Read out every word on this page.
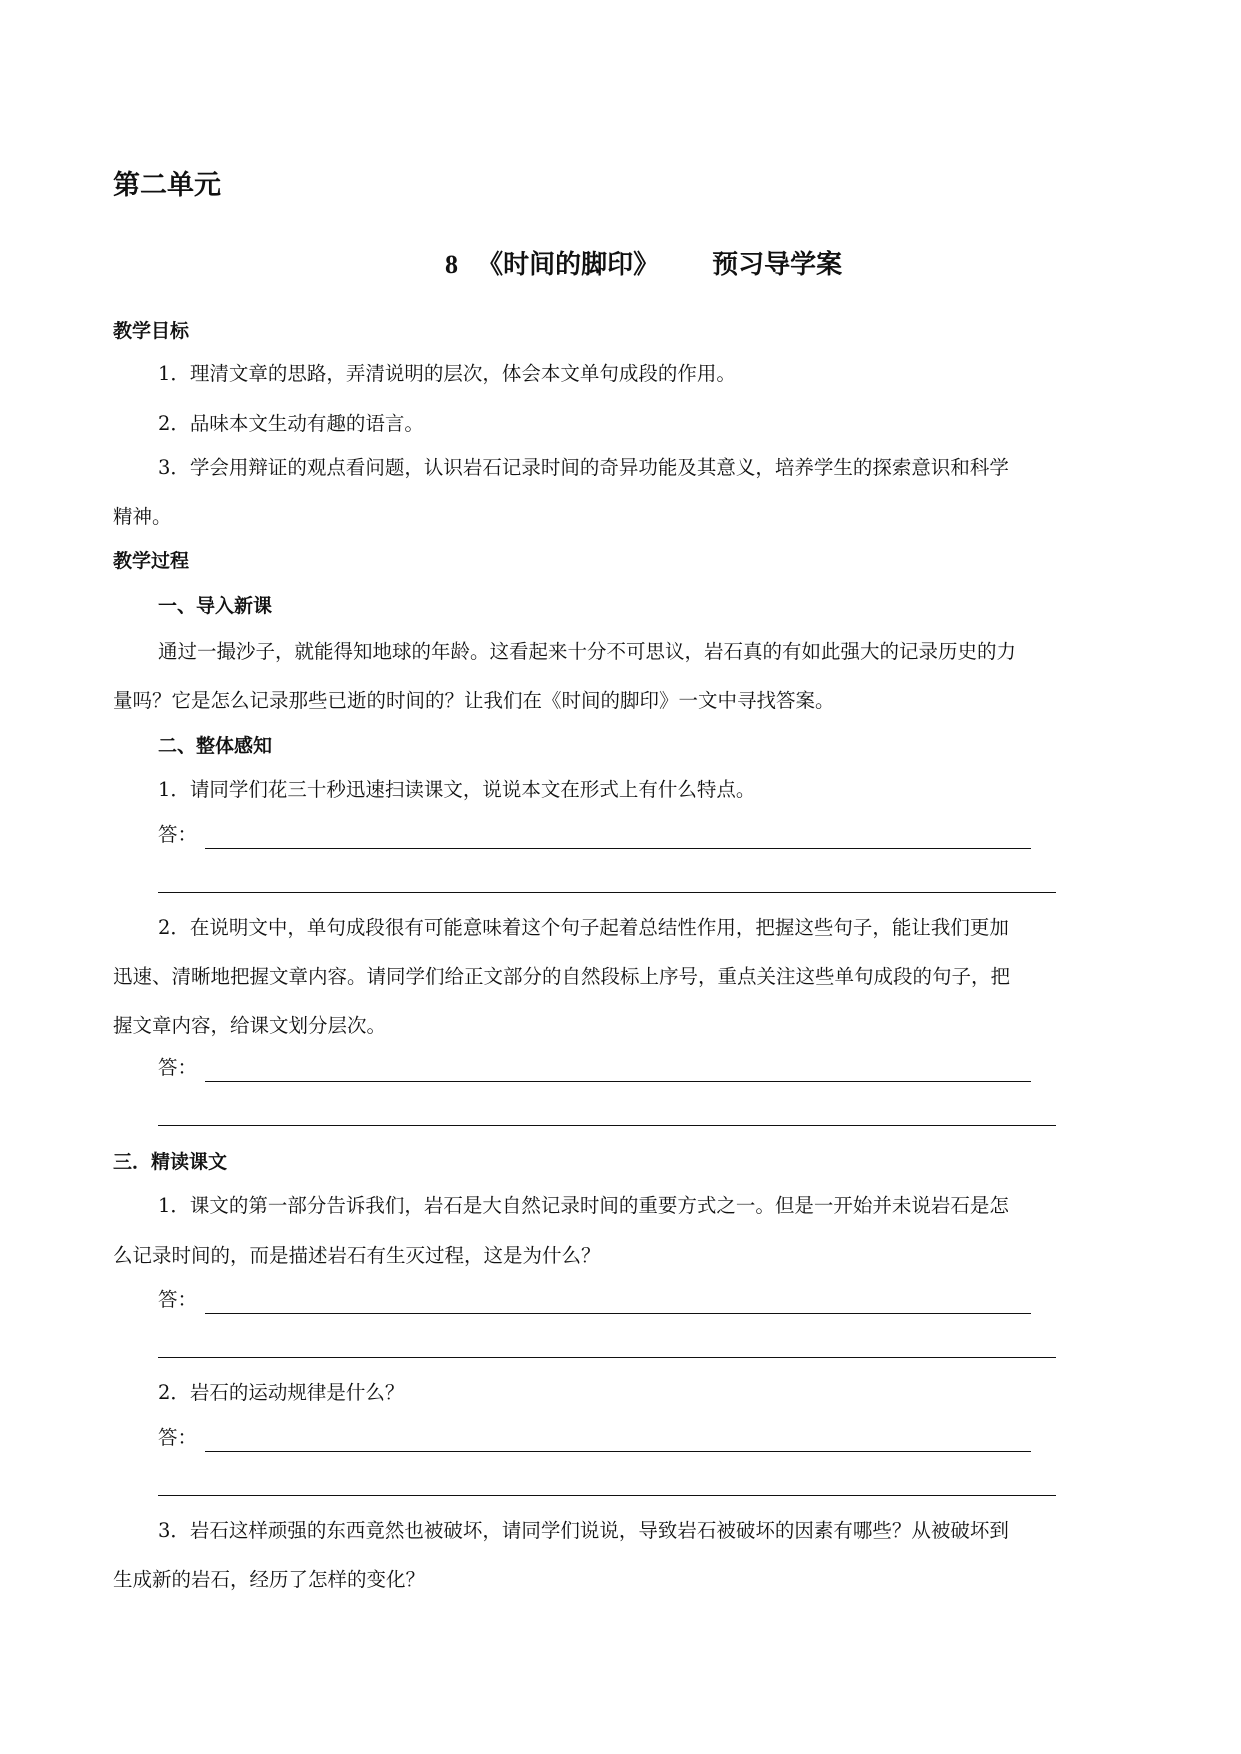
第二单元
8 《时间的脚印》 预习导学案
教学目标
1．理清文章的思路，弄清说明的层次，体会本文单句成段的作用。
2．品味本文生动有趣的语言。
3．学会用辩证的观点看问题，认识岩石记录时间的奇异功能及其意义，培养学生的探索意识和科学
精神。
教学过程
一、导入新课
通过一撮沙子，就能得知地球的年龄。这看起来十分不可思议，岩石真的有如此强大的记录历史的力
量吗？它是怎么记录那些已逝的时间的？让我们在《时间的脚印》一文中寻找答案。
二、整体感知
1．请同学们花三十秒迅速扫读课文，说说本文在形式上有什么特点。
答：
2．在说明文中，单句成段很有可能意味着这个句子起着总结性作用，把握这些句子，能让我们更加
迅速、清晰地把握文章内容。请同学们给正文部分的自然段标上序号，重点关注这些单句成段的句子，把
握文章内容，给课文划分层次。
答：
三．精读课文
1．课文的第一部分告诉我们，岩石是大自然记录时间的重要方式之一。但是一开始并未说岩石是怎
么记录时间的，而是描述岩石有生灭过程，这是为什么？
答：
2．岩石的运动规律是什么？
答：
3．岩石这样顽强的东西竟然也被破坏，请同学们说说，导致岩石被破坏的因素有哪些？从被破坏到
生成新的岩石，经历了怎样的变化？
